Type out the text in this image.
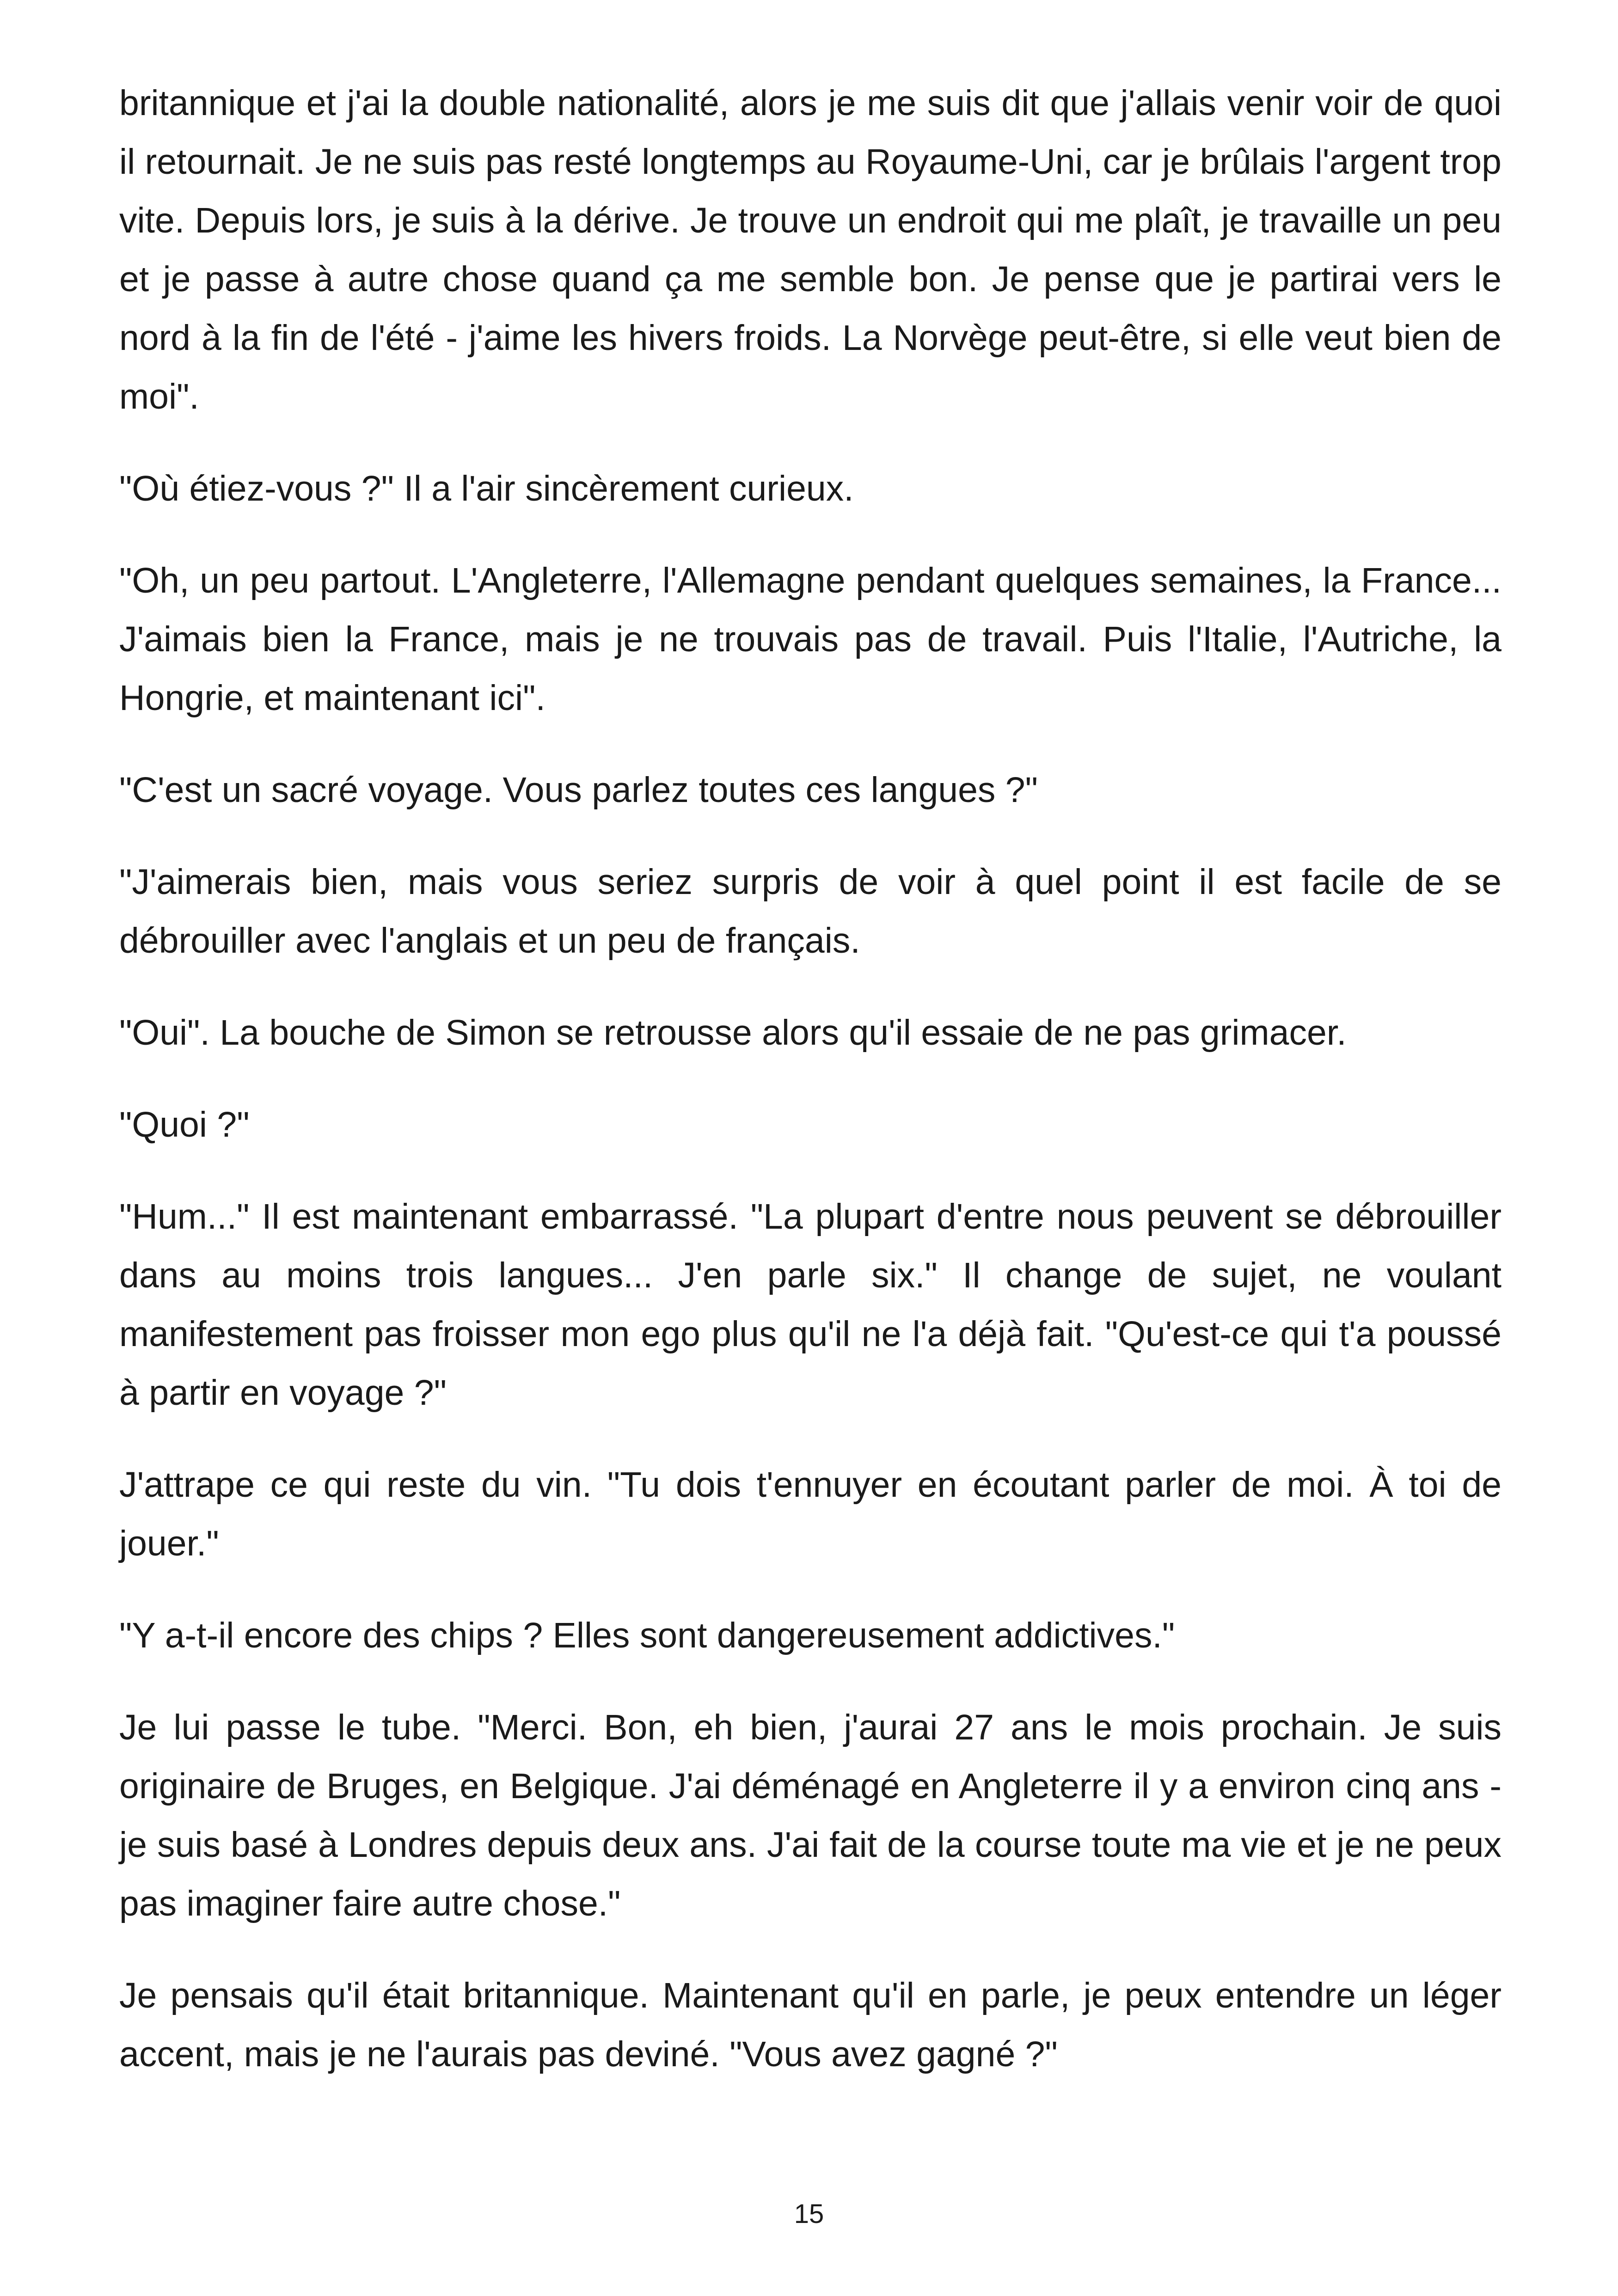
britannique et j'ai la double nationalité, alors je me suis dit que j'allais venir voir de quoi il retournait. Je ne suis pas resté longtemps au Royaume-Uni, car je brûlais l'argent trop vite. Depuis lors, je suis à la dérive. Je trouve un endroit qui me plaît, je travaille un peu et je passe à autre chose quand ça me semble bon. Je pense que je partirai vers le nord à la fin de l'été - j'aime les hivers froids. La Norvège peut-être, si elle veut bien de moi".

"Où étiez-vous ?" Il a l'air sincèrement curieux.

"Oh, un peu partout. L'Angleterre, l'Allemagne pendant quelques semaines, la France... J'aimais bien la France, mais je ne trouvais pas de travail. Puis l'Italie, l'Autriche, la Hongrie, et maintenant ici".

"C'est un sacré voyage. Vous parlez toutes ces langues ?"

"J'aimerais bien, mais vous seriez surpris de voir à quel point il est facile de se débrouiller avec l'anglais et un peu de français.

"Oui". La bouche de Simon se retrousse alors qu'il essaie de ne pas grimacer.

"Quoi ?"

"Hum..." Il est maintenant embarrassé. "La plupart d'entre nous peuvent se débrouiller dans au moins trois langues... J'en parle six." Il change de sujet, ne voulant manifestement pas froisser mon ego plus qu'il ne l'a déjà fait. "Qu'est-ce qui t'a poussé à partir en voyage ?"

J'attrape ce qui reste du vin. "Tu dois t'ennuyer en écoutant parler de moi. À toi de jouer."

"Y a-t-il encore des chips ? Elles sont dangereusement addictives."

Je lui passe le tube. "Merci. Bon, eh bien, j'aurai 27 ans le mois prochain. Je suis originaire de Bruges, en Belgique. J'ai déménagé en Angleterre il y a environ cinq ans - je suis basé à Londres depuis deux ans. J'ai fait de la course toute ma vie et je ne peux pas imaginer faire autre chose."

Je pensais qu'il était britannique. Maintenant qu'il en parle, je peux entendre un léger accent, mais je ne l'aurais pas deviné. "Vous avez gagné ?"

15
